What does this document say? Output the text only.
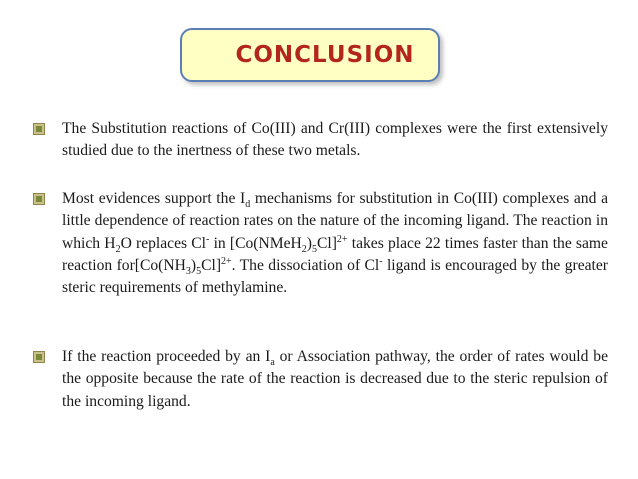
CONCLUSION
The Substitution reactions of Co(III) and Cr(III) complexes were the first extensively studied due to the inertness of these two metals.
Most evidences support the $I_d$ mechanisms for substitution in Co(III) complexes and a little dependence of reaction rates on the nature of the incoming ligand. The reaction in which $H_2O$ replaces Cl- in $[Co(NMeH_2)_5Cl]^{2+}$ takes place 22 times faster than the same reaction $for[Co(NH_3)_5Cl]^{2+}$. The dissociation of Cl- ligand is encouraged by the greater steric requirements of methylamine.
If the reaction proceeded by an $I_a$ or Association pathway, the order of rates would be the opposite because the rate of the reaction is decreased due to the steric repulsion of the incoming ligand.
